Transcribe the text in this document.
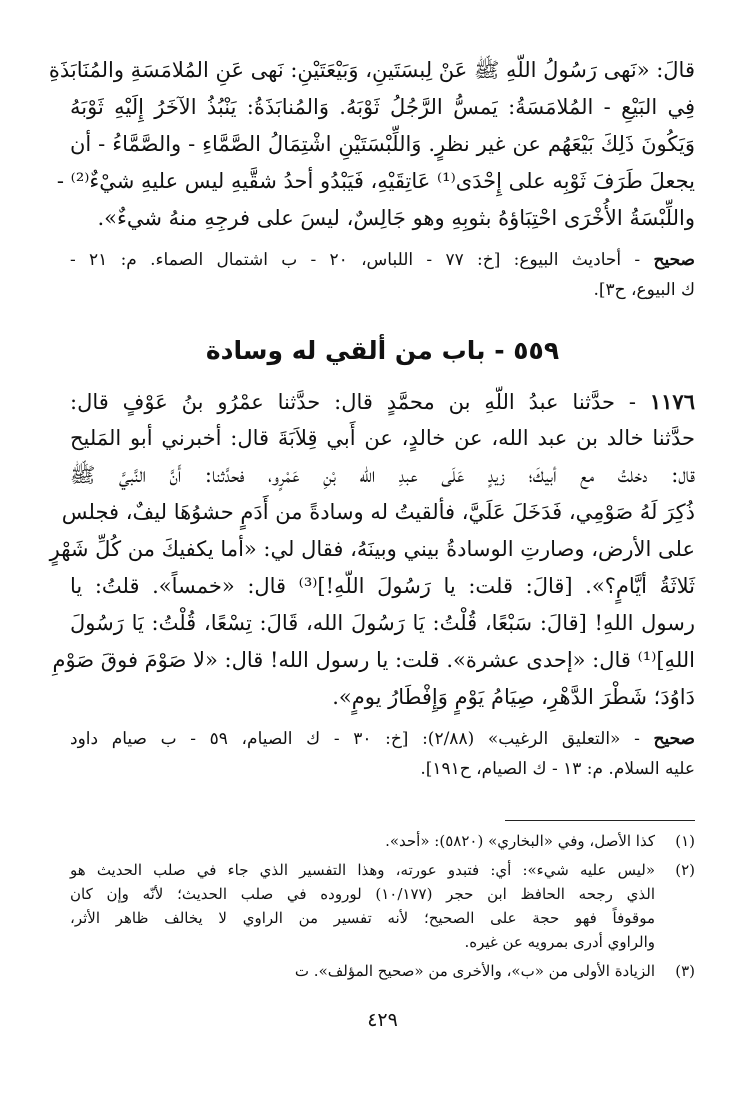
قالَ: «نَهى رَسُولُ اللّهِ ﷺ عَنْ لِبسَتَينِ، وَبَيْعَتَيْنِ: نَهى عَنِ المُلامَسَةِ والمُنَابَذَةِ
فِي البَيْعِ - المُلامَسَةُ: يَمسُّ الرَّجُلُ ثَوْبَهُ. وَالمُنابَذَةُ: يَنْبُذُ الآخَرُ إِلَيْهِ ثَوْبَهُ
وَيَكُونَ ذَلِكَ بَيْعَهُم عن غير نظرٍ. وَاللِّبْسَتَيْنِ اشْتِمَالُ الصَّمَّاءِ - والصَّمَّاءُ - أن
يجعلَ طَرَفَ ثَوْبِه على إِحْدَى⁽¹⁾ عَاتِقَيْهِ، فَيَبْدُو أحدُ شقَّيهِ ليس عليهِ شيْءٌ⁽²⁾ -
واللِّبْسَةُ الأُخْرَى احْتِبَاؤهُ بثوبِهِ وهو جَالِسٌ، ليسَ على فرجِهِ منهُ شيءٌ».
صحيح - أحاديث البيوع: [خ: ٧٧ - اللباس، ٢٠ - ب اشتمال الصماء. م: ٢١ -
ك البيوع، ح٣].
٥٥٩ - باب من ألقي له وسادة
١١٧٦ - حدَّثنا عبدُ اللّهِ بن محمَّدٍ قال: حدَّثنا عمْرُو بنُ عَوْفٍ قال:
حدَّثنا خالد بن عبد الله، عن خالدٍ، عن أَبي قِلاَبَةَ قال: أخبرني أبو المَليح
قال: دخلتُ مع أبيكَ؛ زيدٍ عَلَى عبدِ الله بْنِ عَمْرٍو، فحدَّثنا: أَنَّ النَّبيَّ ﷺ
ذُكِرَ لَهُ صَوْمِي، فَدَخَلَ عَلَيَّ، فألقيتُ له وسادةً من أَدَمٍ حشوُهَا ليفٌ، فجلس
على الأرض، وصارتِ الوسادةُ بيني وبينَهُ، فقال لي: «أما يكفيكَ من كُلِّ شَهْرٍ
ثَلاثَةُ أيَّامٍ؟». [قالَ: قلت: يا رَسُولَ اللّهِ!]⁽³⁾ قال: «خمساً». قلتُ: يا
رسول اللهِ! [قالَ: سَبْعًا، قُلْتُ: يَا رَسُولَ الله، قَالَ: تِسْعًا، قُلْتُ: يَا رَسُولَ
اللهِ]⁽¹⁾ قال: «إحدى عشرة». قلت: يا رسول الله! قال: «لا صَوْمَ فوقَ صَوْمِ
دَاوُدَ؛ شَطْرَ الدَّهْرِ، صِيَامُ يَوْمٍ وَإِفْطَارُ يومٍ».
صحيح - «التعليق الرغيب» (٢/٨٨): [خ: ٣٠ - ك الصيام، ٥٩ - ب صيام داود
عليه السلام. م: ١٣ - ك الصيام، ح١٩١].
(١)
كذا الأصل، وفي «البخاري» (٥٨٢٠): «أحد».
(٢)
«ليس عليه شيء»: أي: فتبدو عورته، وهذا التفسير الذي جاء في صلب الحديث هو
الذي رجحه الحافظ ابن حجر (١٠/١٧٧) لوروده في صلب الحديث؛ لأنّه وإن كان
موقوفاً فهو حجة على الصحيح؛ لأنه تفسير من الراوي لا يخالف ظاهر الأثر،
والراوي أدرى بمرويه عن غيره.
(٣)
الزيادة الأولى من «ب»، والأخرى من «صحيح المؤلف». ت
٤٢٩
